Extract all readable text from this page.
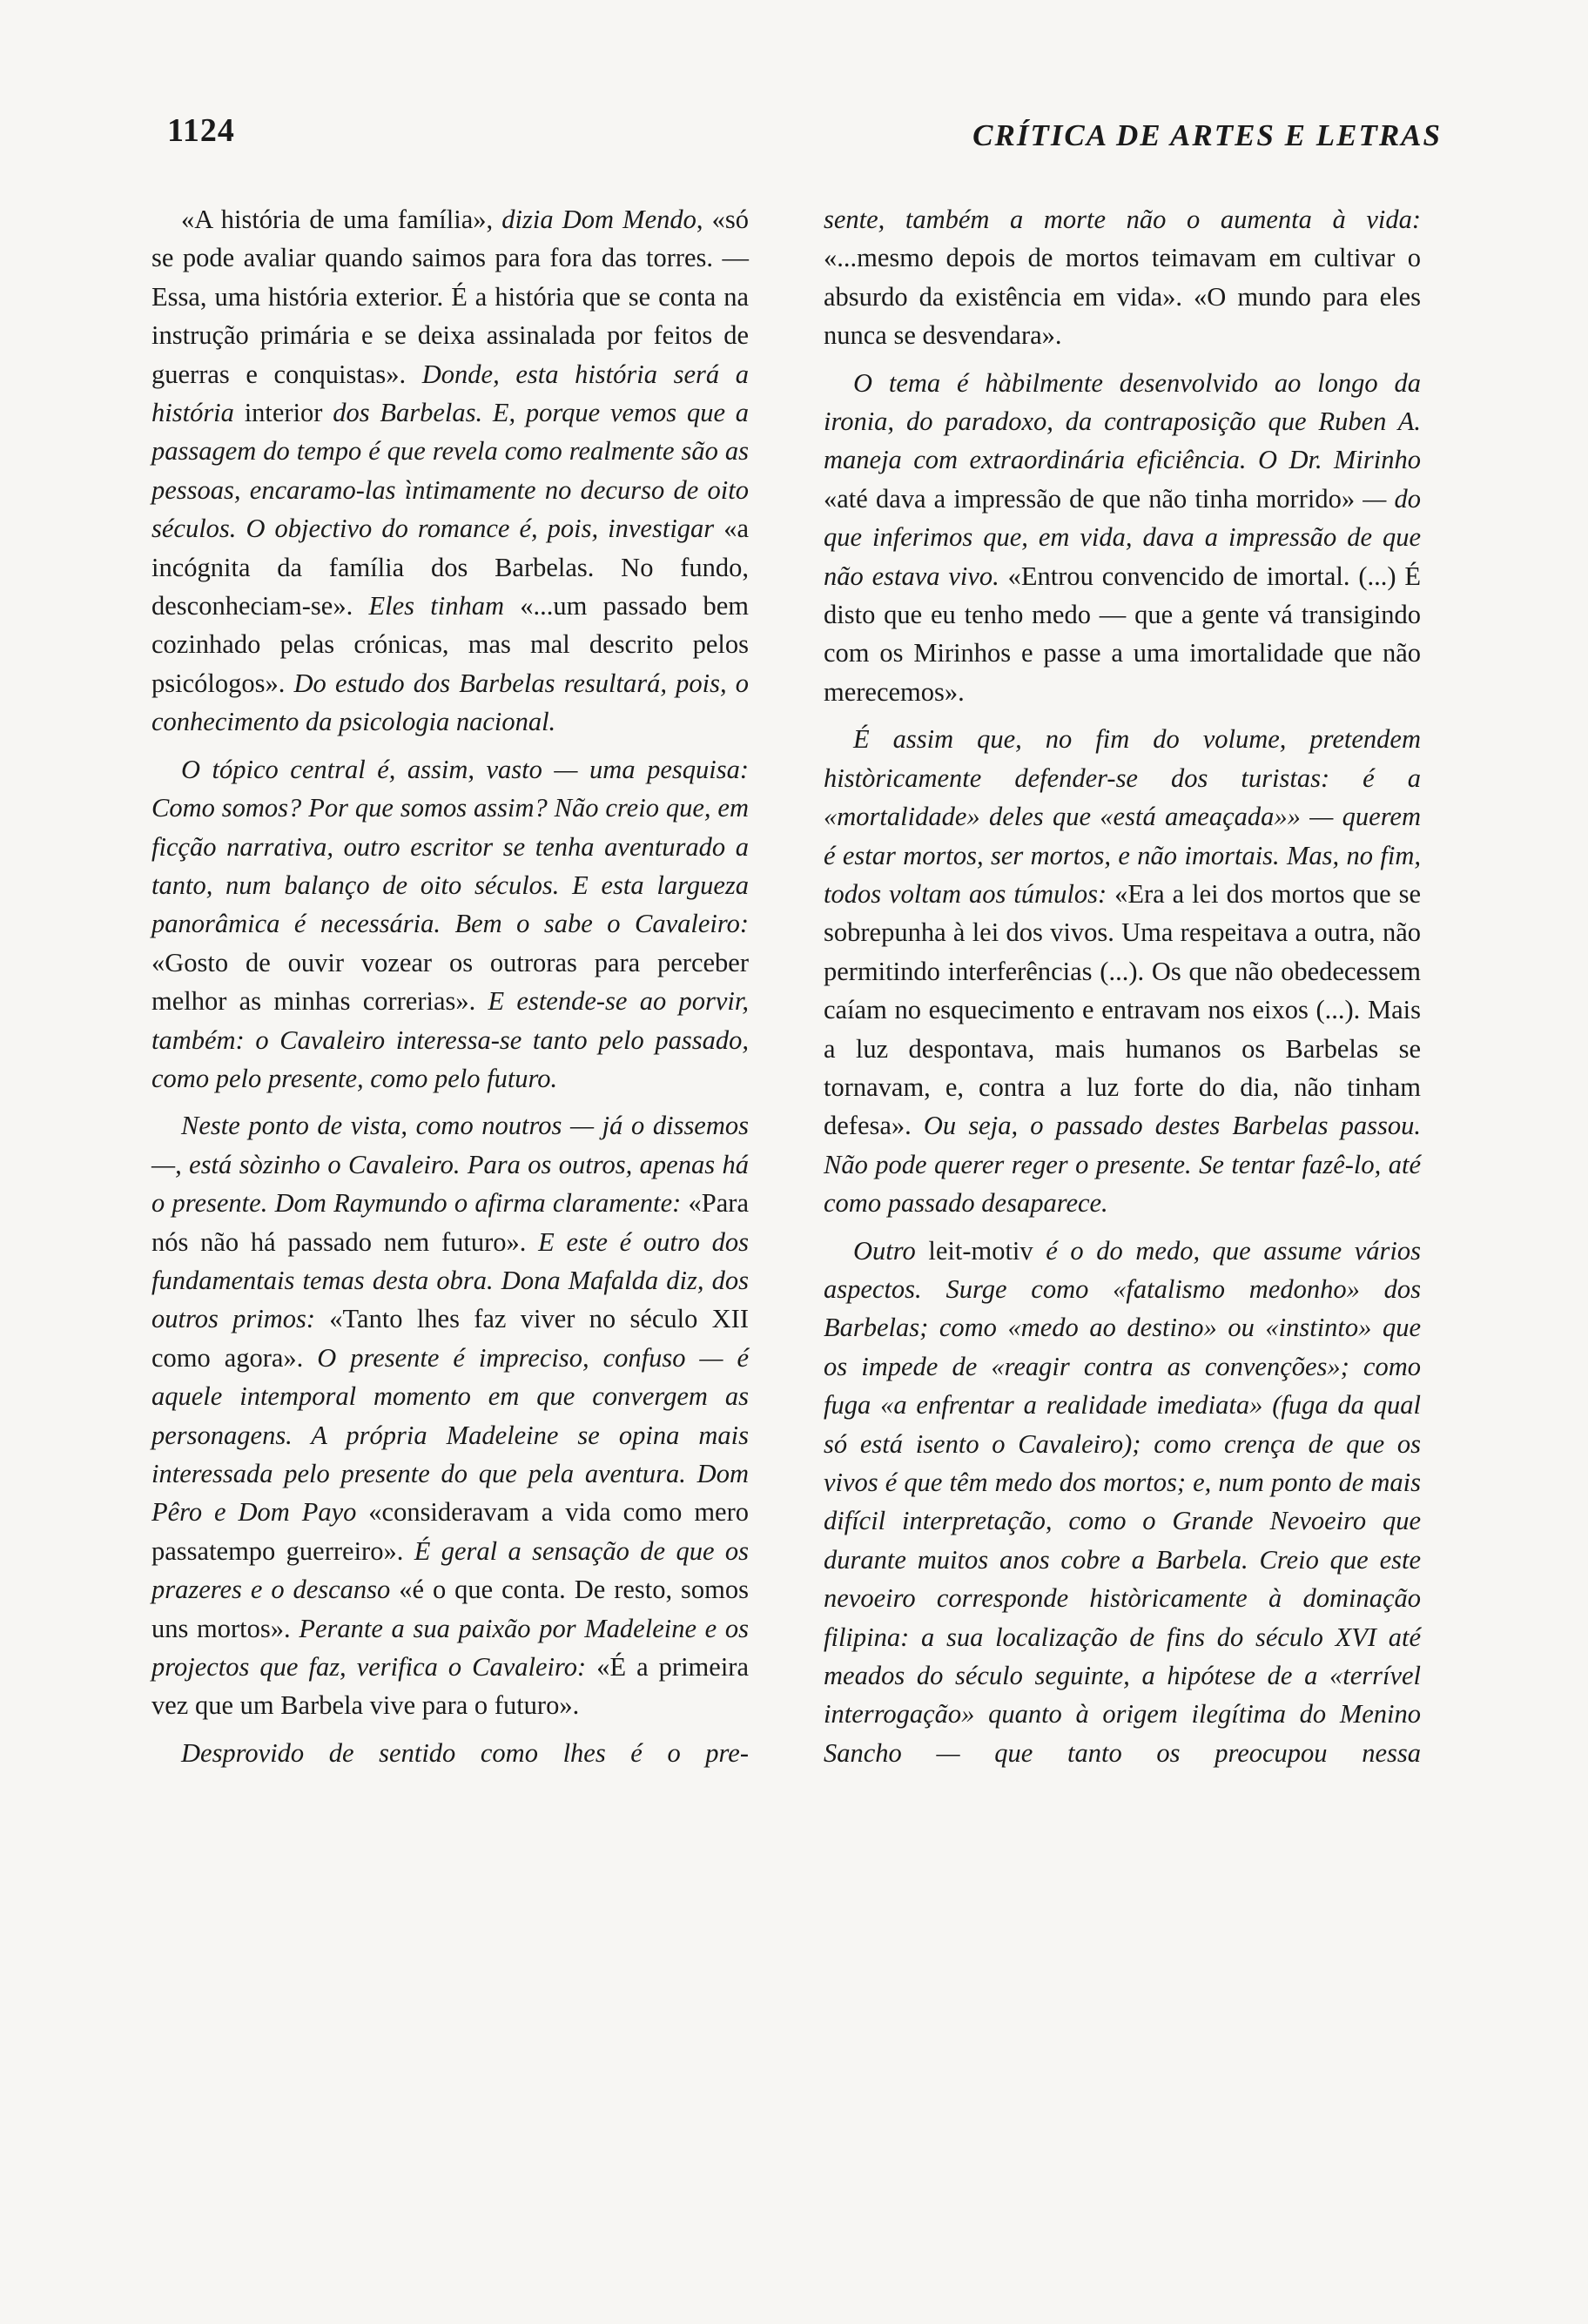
1124	CRÍTICA DE ARTES E LETRAS

«A história de uma família», dizia Dom Mendo, «só se pode avaliar quando saimos para fora das torres. — Essa, uma história exterior. É a história que se conta na instrução primária e se deixa assinalada por feitos de guerras e conquistas». Donde, esta história será a história interior dos Barbelas. E, porque vemos que a passagem do tempo é que revela como realmente são as pessoas, encaramo-las ìntimamente no decurso de oito séculos. O objectivo do romance é, pois, investigar «a incógnita da família dos Barbelas. No fundo, desconheciam-se». Eles tinham «...um passado bem cozinhado pelas crónicas, mas mal descrito pelos psicólogos». Do estudo dos Barbelas resultará, pois, o conhecimento da psicologia nacional.

O tópico central é, assim, vasto — uma pesquisa: Como somos? Por que somos assim? Não creio que, em ficção narrativa, outro escritor se tenha aventurado a tanto, num balanço de oito séculos. E esta largueza panorâmica é necessária. Bem o sabe o Cavaleiro: «Gosto de ouvir vozear os outroras para perceber melhor as minhas correrias». E estende-se ao porvir, também: o Cavaleiro interessa-se tanto pelo passado, como pelo presente, como pelo futuro.

Neste ponto de vista, como noutros — já o dissemos —, está sòzinho o Cavaleiro. Para os outros, apenas há o presente. Dom Raymundo o afirma claramente: «Para nós não há passado nem futuro». E este é outro dos fundamentais temas desta obra. Dona Mafalda diz, dos outros primos: «Tanto lhes faz viver no século XII como agora». O presente é impreciso, confuso — é aquele intemporal momento em que convergem as personagens. A própria Madeleine se opina mais interessada pelo presente do que pela aventura. Dom Pêro e Dom Payo «consideravam a vida como mero passatempo guerreiro». É geral a sensação de que os prazeres e o descanso «é o que conta. De resto, somos uns mortos». Perante a sua paixão por Madeleine e os projectos que faz, verifica o Cavaleiro: «É a primeira vez que um Barbela vive para o futuro».

Desprovido de sentido como lhes é o pre-

sente, também a morte não o aumenta à vida: «...mesmo depois de mortos teimavam em cultivar o absurdo da existência em vida». «O mundo para eles nunca se desvendara».

O tema é hàbilmente desenvolvido ao longo da ironia, do paradoxo, da contraposição que Ruben A. maneja com extraordinária eficiência. O Dr. Mirinho «até dava a impressão de que não tinha morrido» — do que inferimos que, em vida, dava a impressão de que não estava vivo. «Entrou convencido de imortal. (...) É disto que eu tenho medo — que a gente vá transigindo com os Mirinhos e passe a uma imortalidade que não merecemos».

É assim que, no fim do volume, pretendem històricamente defender-se dos turistas: é a «mortalidade» deles que «está ameaçada»» — querem é estar mortos, ser mortos, e não imortais. Mas, no fim, todos voltam aos túmulos: «Era a lei dos mortos que se sobrepunha à lei dos vivos. Uma respeitava a outra, não permitindo interferências (...). Os que não obedecessem caíam no esquecimento e entravam nos eixos (...). Mais a luz despontava, mais humanos os Barbelas se tornavam, e, contra a luz forte do dia, não tinham defesa». Ou seja, o passado destes Barbelas passou. Não pode querer reger o presente. Se tentar fazê-lo, até como passado desaparece.

Outro leit-motiv é o do medo, que assume vários aspectos. Surge como «fatalismo medonho» dos Barbelas; como «medo ao destino» ou «instinto» que os impede de «reagir contra as convenções»; como fuga «a enfrentar a realidade imediata» (fuga da qual só está isento o Cavaleiro); como crença de que os vivos é que têm medo dos mortos; e, num ponto de mais difícil interpretação, como o Grande Nevoeiro que durante muitos anos cobre a Barbela. Creio que este nevoeiro corresponde històricamente à dominação filipina: a sua localização de fins do século XVI até meados do século seguinte, a hipótese de a «terrível interrogação» quanto à origem ilegítima do Menino Sancho — que tanto os preocupou nessa
